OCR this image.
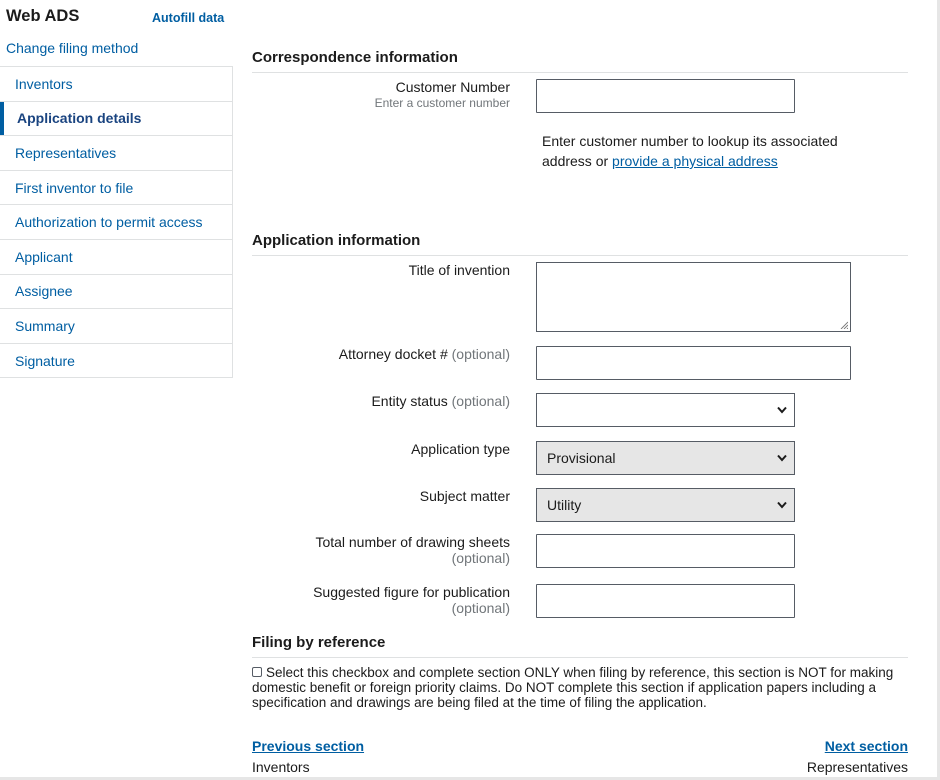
Web ADS	Autofill data
Change filing method
Inventors
Application details
Representatives
First inventor to file
Authorization to permit access
Applicant
Assignee
Summary
Signature
Correspondence information
Customer Number
Enter a customer number
Enter customer number to lookup its associated address or provide a physical address
Application information
Title of invention
Attorney docket # (optional)
Entity status (optional)
Application type
Provisional
Subject matter
Utility
Total number of drawing sheets
(optional)
Suggested figure for publication
(optional)
Filing by reference
Select this checkbox and complete section ONLY when filing by reference, this section is NOT for making domestic benefit or foreign priority claims. Do NOT complete this section if application papers including a specification and drawings are being filed at the time of filing the application.
Previous section
Inventors
Next section
Representatives
